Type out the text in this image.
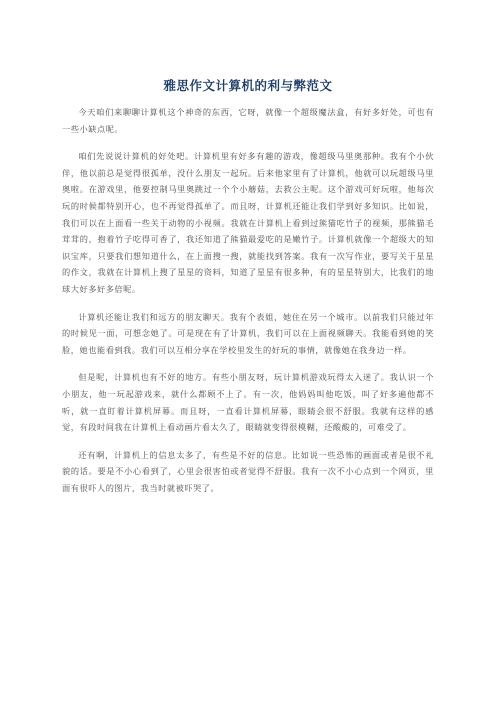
雅思作文计算机的利与弊范文

今天咱们来聊聊计算机这个神奇的东西，它呀，就像一个超级魔法盒，有好多好处，可也有一些小缺点呢。

咱们先说说计算机的好处吧。计算机里有好多有趣的游戏，像超级马里奥那种。我有个小伙伴，他以前总是觉得很孤单，没什么朋友一起玩。后来他家里有了计算机，他就可以玩超级马里奥啦。在游戏里，他要控制马里奥跳过一个个小蘑菇，去救公主呢。这个游戏可好玩啦，他每次玩的时候都特别开心，也不再觉得孤单了。而且呀，计算机还能让我们学到好多知识。比如说，我们可以在上面看一些关于动物的小视频。我就在计算机上看到过熊猫吃竹子的视频，那熊猫毛茸茸的，抱着竹子吃得可香了，我还知道了熊猫最爱吃的是嫩竹子。计算机就像一个超级大的知识宝库，只要我们想知道什么，在上面搜一搜，就能找到答案。我有一次写作业，要写关于星星的作文，我就在计算机上搜了星星的资料，知道了星星有很多种，有的星星特别大，比我们的地球大好多好多倍呢。

计算机还能让我们和远方的朋友聊天。我有个表姐，她住在另一个城市。以前我们只能过年的时候见一面，可想念她了。可是现在有了计算机，我们可以在上面视频聊天。我能看到她的笑脸，她也能看到我。我们可以互相分享在学校里发生的好玩的事情，就像她在我身边一样。

但是呢，计算机也有不好的地方。有些小朋友呀，玩计算机游戏玩得太入迷了。我认识一个小朋友，他一玩起游戏来，就什么都顾不上了。有一次，他妈妈叫他吃饭，叫了好多遍他都不听，就一直盯着计算机屏幕。而且呀，一直看计算机屏幕，眼睛会很不舒服。我就有这样的感觉，有段时间我在计算机上看动画片看太久了，眼睛就变得很模糊，还酸酸的，可难受了。

还有啊，计算机上的信息太多了，有些是不好的信息。比如说一些恐怖的画面或者是很不礼貌的话。要是不小心看到了，心里会很害怕或者觉得不舒服。我有一次不小心点到一个网页，里面有很吓人的图片，我当时就被吓哭了。
